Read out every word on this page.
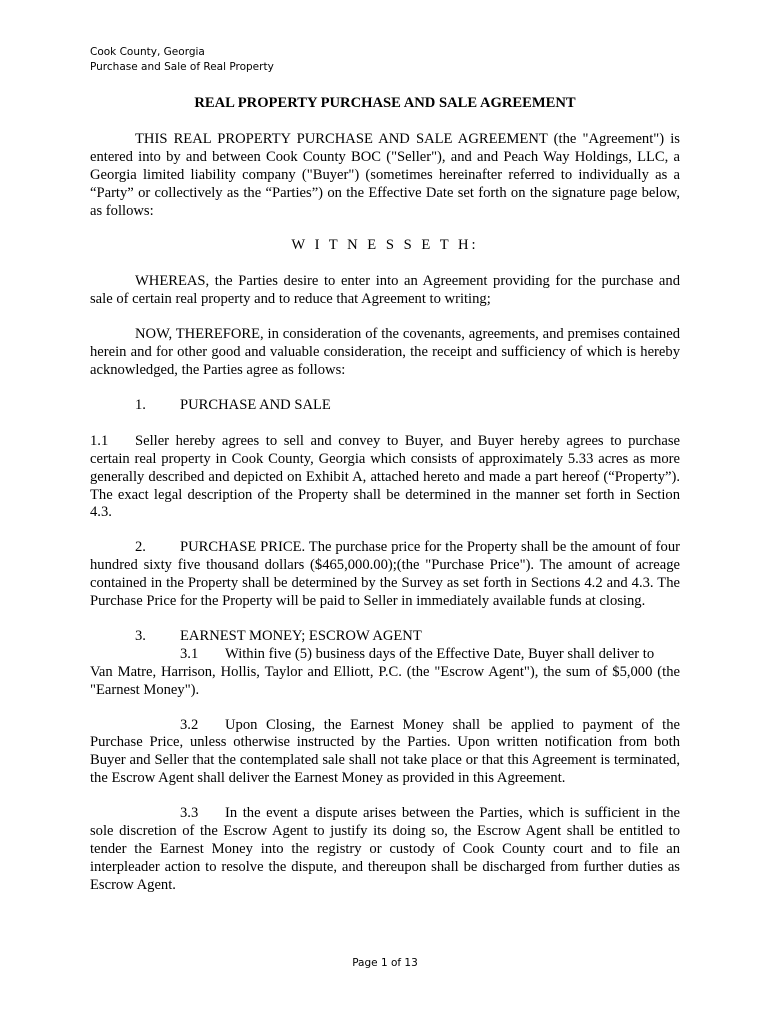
Cook County, Georgia
Purchase and Sale of Real Property
REAL PROPERTY PURCHASE AND SALE AGREEMENT

THIS REAL PROPERTY PURCHASE AND SALE AGREEMENT (the "Agreement") is entered into by and between Cook County BOC ("Seller"), and and Peach Way Holdings, LLC, a Georgia limited liability company ("Buyer") (sometimes hereinafter referred to individually as a “Party” or collectively as the “Parties”) on the Effective Date set forth on the signature page below, as follows:

W I T N E S S E T H:

WHEREAS, the Parties desire to enter into an Agreement providing for the purchase and sale of certain real property and to reduce that Agreement to writing;

NOW, THEREFORE, in consideration of the covenants, agreements, and premises contained herein and for other good and valuable consideration, the receipt and sufficiency of which is hereby acknowledged, the Parties agree as follows:

1. PURCHASE AND SALE

1.1 Seller hereby agrees to sell and convey to Buyer, and Buyer hereby agrees to purchase certain real property in Cook County, Georgia which consists of approximately 5.33 acres as more generally described and depicted on Exhibit A, attached hereto and made a part hereof (“Property”). The exact legal description of the Property shall be determined in the manner set forth in Section 4.3.

2. PURCHASE PRICE. The purchase price for the Property shall be the amount of four hundred sixty five thousand dollars ($465,000.00);(the "Purchase Price"). The amount of acreage contained in the Property shall be determined by the Survey as set forth in Sections 4.2 and 4.3. The Purchase Price for the Property will be paid to Seller in immediately available funds at closing.

3. EARNEST MONEY; ESCROW AGENT
3.1 Within five (5) business days of the Effective Date, Buyer shall deliver to
Van Matre, Harrison, Hollis, Taylor and Elliott, P.C. (the "Escrow Agent"), the sum of $5,000 (the "Earnest Money").

3.2 Upon Closing, the Earnest Money shall be applied to payment of the Purchase Price, unless otherwise instructed by the Parties. Upon written notification from both Buyer and Seller that the contemplated sale shall not take place or that this Agreement is terminated, the Escrow Agent shall deliver the Earnest Money as provided in this Agreement.

3.3 In the event a dispute arises between the Parties, which is sufficient in the sole discretion of the Escrow Agent to justify its doing so, the Escrow Agent shall be entitled to tender the Earnest Money into the registry or custody of Cook County court and to file an interpleader action to resolve the dispute, and thereupon shall be discharged from further duties as Escrow Agent.

Page 1 of 13
